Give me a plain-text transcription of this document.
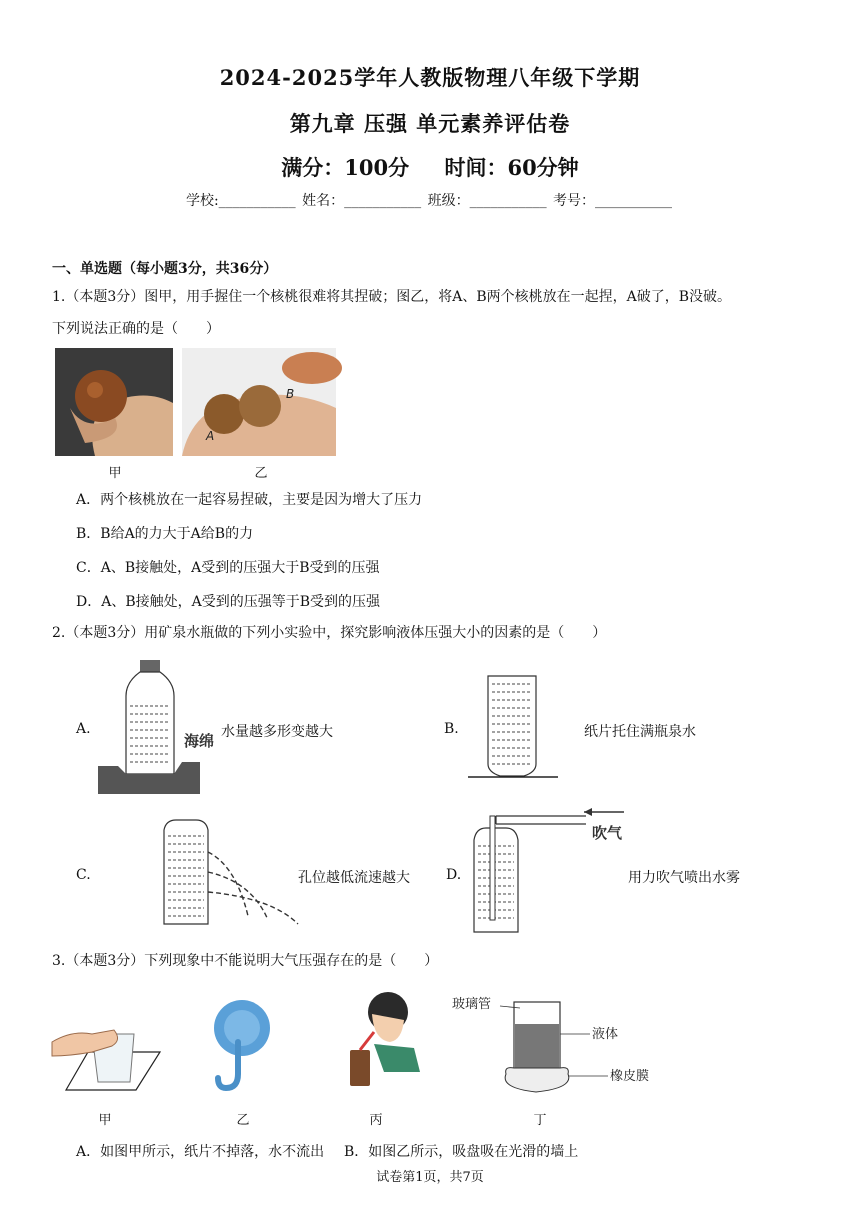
2024-2025学年人教版物理八年级下学期
第九章 压强 单元素养评估卷
满分：100分 时间：60分钟
学校:___________ 姓名：___________ 班级：___________ 考号：___________
一、单选题（每小题3分，共36分）
1.（本题3分）图甲，用手握住一个核桃很难将其捏破；图乙，将A、B两个核桃放在一起捏，A破了，B没破。
下列说法正确的是（　　）
B
A
甲	乙
A．两个核桃放在一起容易捏破，主要是因为增大了压力
B．B给A的力大于A给B的力
C．A、B接触处，A受到的压强大于B受到的压强
D．A、B接触处，A受到的压强等于B受到的压强
2.（本题3分）用矿泉水瓶做的下列小实验中，探究影响液体压强大小的因素的是（　　）
A.
海绵 水量越多形变越大	B.	纸片托住满瓶泉水
C.	孔位越低流速越大	D.
吹气
用力吹气喷出水雾
3.（本题3分）下列现象中不能说明大气压强存在的是（　　）
玻璃管
液体
橡皮膜
甲	乙	丙	丁
A．如图甲所示，纸片不掉落，水不流出 B．如图乙所示，吸盘吸在光滑的墙上
试卷第1页，共7页
